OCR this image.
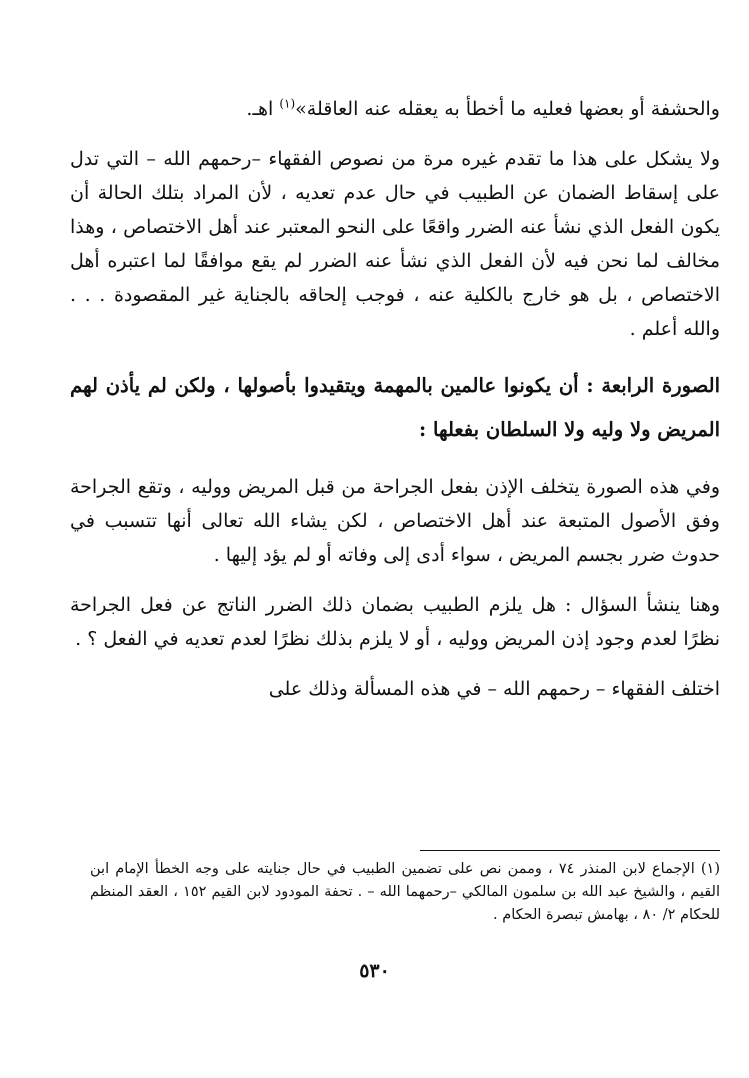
والحشفة أو بعضها فعليه ما أخطأ به يعقله عنه العاقلة»$^{(١)}$ اهـ.

ولا يشكل على هذا ما تقدم غيره مرة من نصوص الفقهاء –رحمهم الله – التي تدل على إسقاط الضمان عن الطبيب في حال عدم تعديه ، لأن المراد بتلك الحالة أن يكون الفعل الذي نشأ عنه الضرر واقعًا على النحو المعتبر عند أهل الاختصاص ، وهذا مخالف لما نحن فيه لأن الفعل الذي نشأ عنه الضرر لم يقع موافقًا لما اعتبره أهل الاختصاص ، بل هو خارج بالكلية عنه ، فوجب إلحاقه بالجناية غير المقصودة . . . والله أعلم .

الصورة الرابعة : أن يكونوا عالمين بالمهمة ويتقيدوا بأصولها ، ولكن لم يأذن لهم المريض ولا وليه ولا السلطان بفعلها :

وفي هذه الصورة يتخلف الإذن بفعل الجراحة من قبل المريض ووليه ، وتقع الجراحة وفق الأصول المتبعة عند أهل الاختصاص ، لكن يشاء الله تعالى أنها تتسبب في حدوث ضرر بجسم المريض ، سواء أدى إلى وفاته أو لم يؤد إليها .

وهنا ينشأ السؤال : هل يلزم الطبيب بضمان ذلك الضرر الناتج عن فعل الجراحة نظرًا لعدم وجود إذن المريض ووليه ، أو لا يلزم بذلك نظرًا لعدم تعديه في الفعل ؟ .

اختلف الفقهاء – رحمهم الله – في هذه المسألة وذلك على

(١) الإجماع لابن المنذر ٧٤ ، وممن نص على تضمين الطبيب في حال جنايته على وجه الخطأ الإمام ابن القيم ، والشيخ عبد الله بن سلمون المالكي –رحمهما الله – . تحفة المودود لابن القيم ١٥٢ ، العقد المنظم للحكام ٢/ ٨٠ ، بهامش تبصرة الحكام .

٥٣٠
